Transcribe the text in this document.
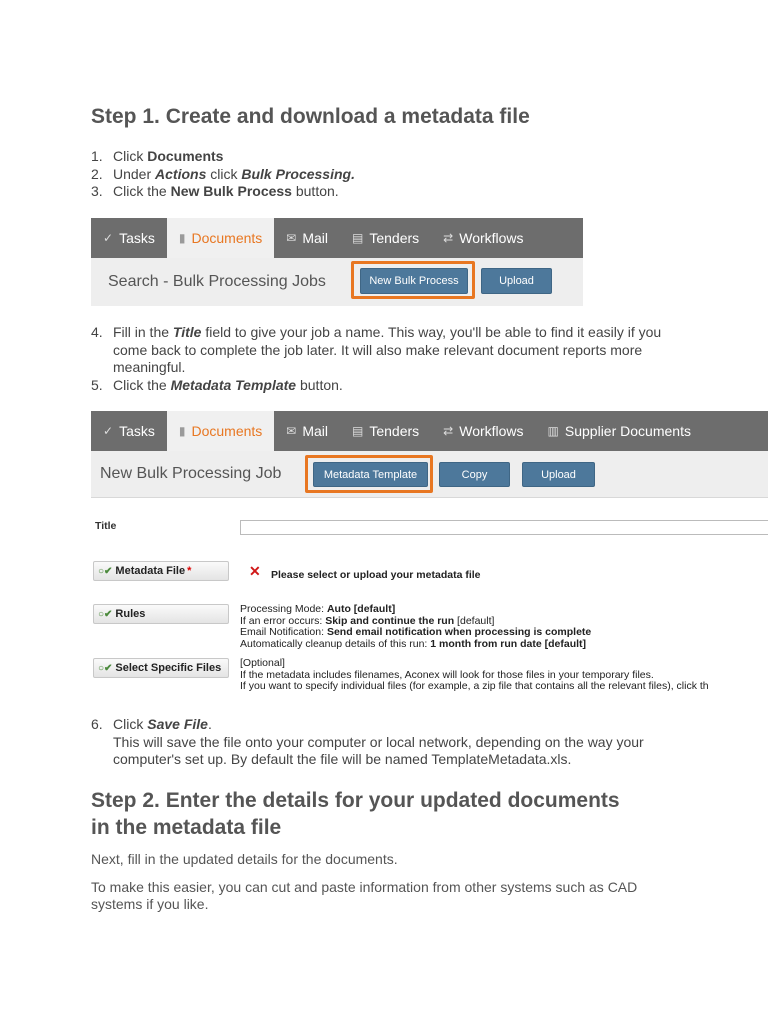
Step 1. Create and download a metadata file
1. Click Documents
2. Under Actions click Bulk Processing.
3. Click the New Bulk Process button.
✓ Tasks ▮ Documents ✉ Mail ▤ Tenders ⇄ Workflows
Search - Bulk Processing Jobs	New Bulk Process	Upload
4. Fill in the Title field to give your job a name. This way, you'll be able to find it easily if you come back to complete the job later. It will also make relevant document reports more meaningful.
5. Click the Metadata Template button.
✓ Tasks ▮ Documents ✉ Mail ▤ Tenders ⇄ Workflows ▥ Supplier Documents
New Bulk Processing Job	Metadata Template	Copy	Upload
Title
○✔ Metadata File *	✕ Please select or upload your metadata file
○✔ Rules	Processing Mode: Auto [default]
If an error occurs: Skip and continue the run [default]
Email Notification: Send email notification when processing is complete
Automatically cleanup details of this run: 1 month from run date [default]
○✔ Select Specific Files [Optional]
If the metadata includes filenames, Aconex will look for those files in your temporary files.
If you want to specify individual files (for example, a zip file that contains all the relevant files), click th
6. Click Save File.
This will save the file onto your computer or local network, depending on the way your computer's set up. By default the file will be named TemplateMetadata.xls.
Step 2. Enter the details for your updated documents
in the metadata file

Next, fill in the updated details for the documents.

To make this easier, you can cut and paste information from other systems such as CAD systems if you like.
